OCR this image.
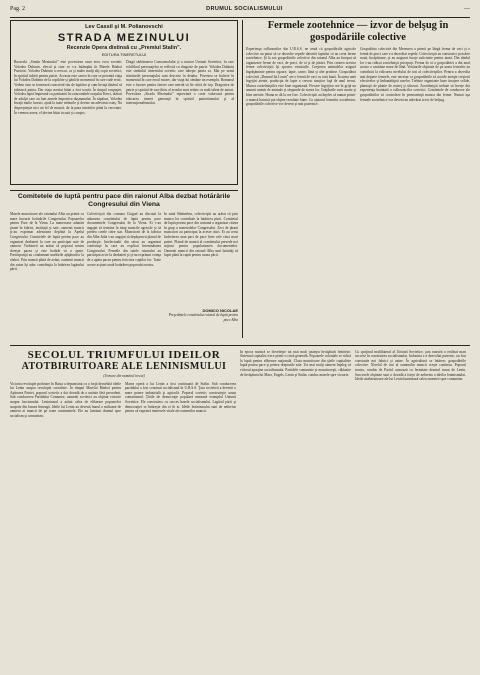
Pag. 2	DRUMUL SOCIALISMULUI	—
Lev Cassil şi M. Polianovschi
STRADA MEZINULUI
Recenzie Opera distinsă cu „Premiul Stalin”.
EDITURA TINERETULUI
Boravski „Strada Mezinului” este povestirea unui erou erou sovietic Volodea Dubinin, elevul şi cine ce s-a întâmplat în Marele Război Patriotic. Volodea Dubinin a crescut, ca şi multe mulţi alţi copii sovietici, în spiritul iubirii pentru patrie. Aceasta este cartea în care se prezintă viaţa lui Volodea Dubinin de la copilărie şi până în momentul în care cade eroic. Vedem cum se formează caracterul său de luptător şi cum învaţă tânărul să iubească patria. Dar viaţa acestui băiat a fost scurtă. În timpul ocupaţiei, Volodea luptă împreună cu partizanii în catacombele oraşului Kerci, alături de adulţii care au luat armele împotriva duşmanului. În săpături, Volodea învaţă multe lucruri, ajută la toate treburile şi devine un adevărat ostaş. Nu dispreţuieşte nici un fel de muncă, de la paza intrărilor până la cercetare. În vremea aceea, el devine băiat iscusit şi curajos.
Dragă sărbătoarea Comsomolului şi a tuturor Uniunii Sovietice, în care echilibrul personajelor se reflectă cu dragoste de patrie. Volodea Dubinin este simbolul tineretului sovietic care iubeşte patria sa. Mai pe urmă trăsăturile personajului sunt descrise în detaliu. Povestea se încheie în momentul în care eroul moare, dar viaţa lui rămâne un exemplu. Romanul este o lucrare pentru tineret care merită să fie citită de toţi. Dragostea de patrie şi spiritul de sacrificiu al eroului sunt redate cu mult talent de autori. Povestirea „Strada Mezinului” reprezintă o carte valoroasă pentru educarea tinerei generaţii în spiritul patriotismului şi al internaţionalismului.
Fermele zootehnice — izvor de belşug în gospodăriile colective
Experienţa colhozurilor din U.R.S.S. ne arată că gospodăriile agricole colective au putut să se dezvolte repede datorită faptului că au creat ferme zootehnice. Şi la noi gospodăriile colective din raionul Alba au început să organizeze ferme de vaci, de porci, de oi şi de păsări. Prin crearea acestor ferme colectiviştii îşi sporesc veniturile. Creşterea animalelor asigură îngrăşăminte pentru ogoare, lapte, carne, lână şi alte produse. Gospodăria colectivă „Drumul lui Lenin” are o fermă de vaci cu rasă bună. În urma unei îngrijiri atente, producţia de lapte a crescut simţitor faţă de anul trecut. Munca zootehniştilor este bine organizată. Fiecare îngrijitor are în grijă un anumit număr de animale şi răspunde de starea lor. Grajdurile sunt curate şi bine aerisite. Hrana se dă la ore fixe. Colectiviştii au înţeles că numai printr-o muncă harnică pot obţine rezultate bune. Cu ajutorul fermelor zootehnice, gospodăriile colective vor deveni şi mai puternice.
Gospodăria colectivă din Mereurea a primit pe lângă ferma de vaci şi o fermă de porci care s-a dezvoltat repede. Colectiviştii au construit o porcărie nouă, încăpătoare, şi au asigurat furaje suficiente pentru iarnă. Din rândul lor s-au ridicat zootehnişti pricepuţi. Ferma de oi a gospodăriei a dat anul acesta o cantitate mare de lână. Veniturile obţinute de pe urma fermelor au contribuit la ridicarea nivelului de trai al colectiviştilor. Pentru a dezvolta mai departe fermele, este necesar ca gospodăriile să acorde atenţie creşterii efectivelor şi îmbunătăţirii raselor. Trebuie organizate baze furajere solide, plantaţii de plante de nutreţ şi silozuri. Zootehniştii trebuie să înveţe din experienţa înaintată a colhoznicilor sovietici. Comitetele de conducere ale gospodăriilor să controleze în permanenţă munca din ferme. Numai aşa fermele zootehnice vor deveni un adevărat izvor de belşug.
Comitetele de luptă pentru pace din raionul Alba dezbat hotărârile Congresului din Viena
Masele muncitoare ale raionului Alba au primit cu mare bucurie hotărârile Congresului Popoarelor pentru Pace de la Viena. La numeroase adunări ţinute în fabrici, instituţii şi sate, oamenii muncii şi-au exprimat adeziunea deplină la Apelul Congresului. Comitetele de luptă pentru pace au organizat dezbateri la care au participat sute de oameni. Vorbitorii au arătat că poporul nostru doreşte pacea şi este hotărât să o apere. Participanţii au condamnat uneltirile aţâţătorilor la război. Prin muncă plină de avânt, oamenii muncii din raion îşi aduc contribuţia la întărirea lagărului păcii.
Colectiviştii din comuna Ciugud au discutat la adunarea comitetului de luptă pentru pace documentele Congresului de la Viena. Ei s-au angajat să termine la timp muncile agricole şi să predea cotele către stat. Muncitorii de la fabrica din Alba-Iulia s-au angajat să depăşească planul de producţie. Intelectualii din raion au organizat conferinţe în care au explicat însemnătatea Congresului. Femeile din satele raionului au participat activ la dezbateri şi şi-au exprimat voinţa de a apăra pacea pentru fericirea copiilor lor. Toate aceste acţiuni arată hotărârea poporului nostru.
În satul Sântimbru, colectiviştii au arătat că prin munca lor contribuie la întărirea păcii. Comitetul de luptă pentru pace din comună a organizat citirea în grup a materialelor Congresului. Zeci de ţărani muncitori au participat la aceste citiri. Ei au cerut încheierea unui pact de pace între cele cinci mari puteri. Planul de muncă al comitetului prevede noi acţiuni pentru popularizarea documentelor. Oamenii muncii din raionul Alba sunt hotărâţi să lupte până la capăt pentru cauza păcii.
DOMICO NICOLAE
Preşedintele comitetului raional de luptă pentru pace Alba
SECOLUL TRIUMFULUI IDEILOR
ATOTBIRUITOARE ALE LENINISMULUI
(Urmare din numărul trecut)
Victoria revoluţiei proletare în Rusia a demonstrat cu o forţă deosebită ideile lui Lenin asupra revoluţiei socialiste. În timpul Marelui Război pentru Apărarea Patriei, poporul sovietic a dat dovadă de o unitate fără precedent. Sub conducerea Partidului Comunist, oamenii sovietici au obţinut victorie asupra fascismului. Leninismul a arătat calea de eliberare popoarelor asuprite din lumea întreagă. Ideile lui Lenin au devenit bunul a milioane de oameni ai muncii de pe toate continentele. Ele au luminat drumul spre socialism şi comunism.
Marea operă a lui Lenin a fost continuată de Stalin. Sub conducerea partidului a fost construit socialismul în U.R.S.S. Ţara sovietică a devenit o mare putere industrială şi agricolă. Poporul sovietic construieşte acum comunismul. Ţările de democraţie populară urmează exemplul Uniunii Sovietice. Ele construiesc cu succes bazele socialismului. Lagărul păcii şi democraţiei se întăreşte din zi în zi. Ideile leninismului sunt de neînvins pentru că exprimă interesele vitale ale oamenilor muncii.
În epoca noastră se dovedeşte tot mai mult justeţea învăţăturii leniniste. Sistemul capitalist trece printr-o criză generală. Popoarele coloniale se ridică la luptă pentru eliberare naţională. Clasa muncitoare din ţările capitaliste luptă pentru pace şi pentru drepturile sale. Tot mai mulţi oameni înţeleg că viitorul aparţine socialismului. Partidele comuniste şi muncitoreşti, călăuzite de învăţătura lui Marx, Engels, Lenin şi Stalin, conduc masele spre victorie.
Cu sprijinul multilateral al Uniunii Sovietice, ţara noastră a realizat mari succese în construirea socialismului. Industria s-a dezvoltat puternic, au fost construite noi fabrici şi uzine. În agricultură se întăresc gospodăriile colective. Nivelul de trai al oamenilor muncii creşte continuu. Poporul nostru, condus de Partid, urmează cu fermitate drumul trasat de Lenin. Succesele obţinute sunt o dovadă a forţei de neînvins a ideilor leninismului. Ideile atotbiruitoare ale lui Lenin luminează calea omenirii spre comunism.
